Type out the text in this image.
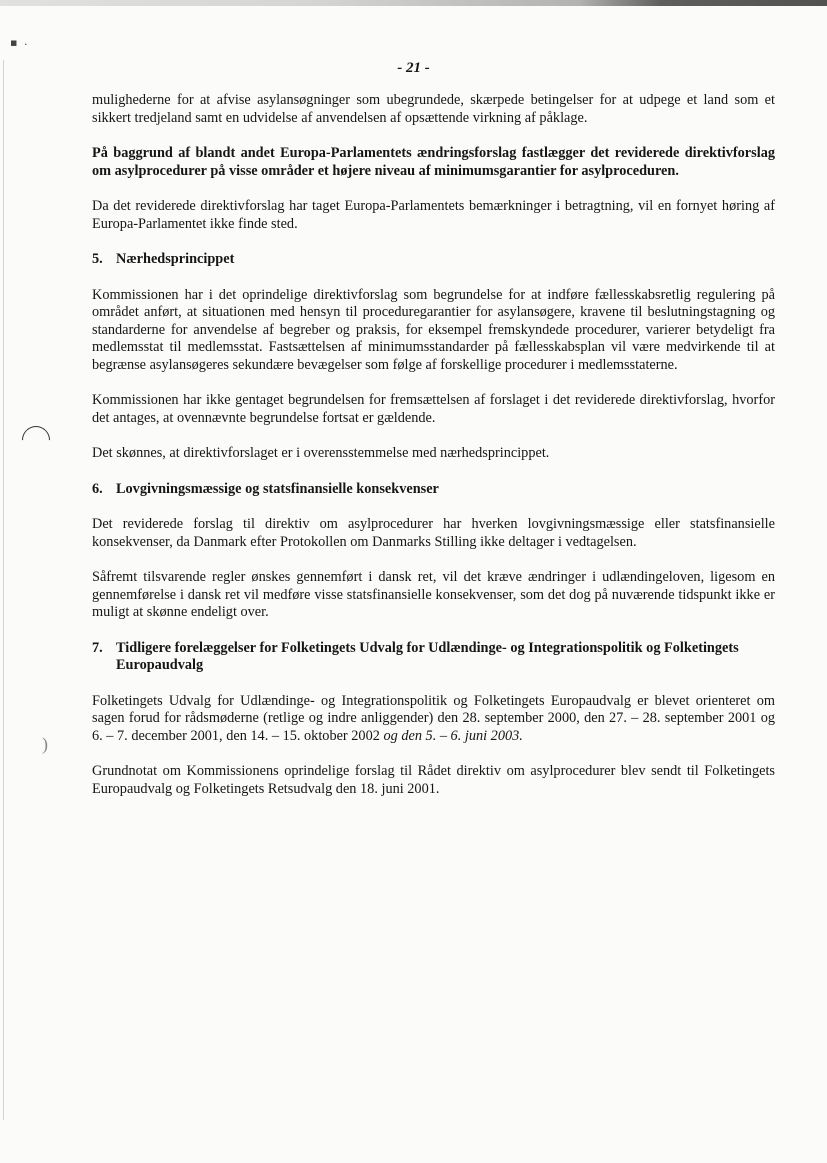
▪ ·
)
- 21 -

mulighederne for at afvise asylansøgninger som ubegrundede, skærpede betingelser for at udpege et land som et sikkert tredjeland samt en udvidelse af anvendelsen af opsættende virkning af påklage.

På baggrund af blandt andet Europa-Parlamentets ændringsforslag fastlægger det reviderede direktivforslag om asylprocedurer på visse områder et højere niveau af minimumsgarantier for asylproceduren.

Da det reviderede direktivforslag har taget Europa-Parlamentets bemærkninger i betragtning, vil en fornyet høring af Europa-Parlamentet ikke finde sted.

5. Nærhedsprincippet

Kommissionen har i det oprindelige direktivforslag som begrundelse for at indføre fællesskabsretlig regulering på området anført, at situationen med hensyn til proceduregarantier for asylansøgere, kravene til beslutningstagning og standarderne for anvendelse af begreber og praksis, for eksempel fremskyndede procedurer, varierer betydeligt fra medlemsstat til medlemsstat. Fastsættelsen af minimumsstandarder på fællesskabsplan vil være medvirkende til at begrænse asylansøgeres sekundære bevægelser som følge af forskellige procedurer i medlemsstaterne.

Kommissionen har ikke gentaget begrundelsen for fremsættelsen af forslaget i det reviderede direktivforslag, hvorfor det antages, at ovennævnte begrundelse fortsat er gældende.

Det skønnes, at direktivforslaget er i overensstemmelse med nærhedsprincippet.

6. Lovgivningsmæssige og statsfinansielle konsekvenser

Det reviderede forslag til direktiv om asylprocedurer har hverken lovgivningsmæssige eller statsfinansielle konsekvenser, da Danmark efter Protokollen om Danmarks Stilling ikke deltager i vedtagelsen.

Såfremt tilsvarende regler ønskes gennemført i dansk ret, vil det kræve ændringer i udlændingeloven, ligesom en gennemførelse i dansk ret vil medføre visse statsfinansielle konsekvenser, som det dog på nuværende tidspunkt ikke er muligt at skønne endeligt over.

7. Tidligere forelæggelser for Folketingets Udvalg for Udlændinge- og Integrationspolitik og Folketingets Europaudvalg

Folketingets Udvalg for Udlændinge- og Integrationspolitik og Folketingets Europaudvalg er blevet orienteret om sagen forud for rådsmøderne (retlige og indre anliggender) den 28. september 2000, den 27. – 28. september 2001 og 6. – 7. december 2001, den 14. – 15. oktober 2002 og den 5. – 6. juni 2003.

Grundnotat om Kommissionens oprindelige forslag til Rådet direktiv om asylprocedurer blev sendt til Folketingets Europaudvalg og Folketingets Retsudvalg den 18. juni 2001.
